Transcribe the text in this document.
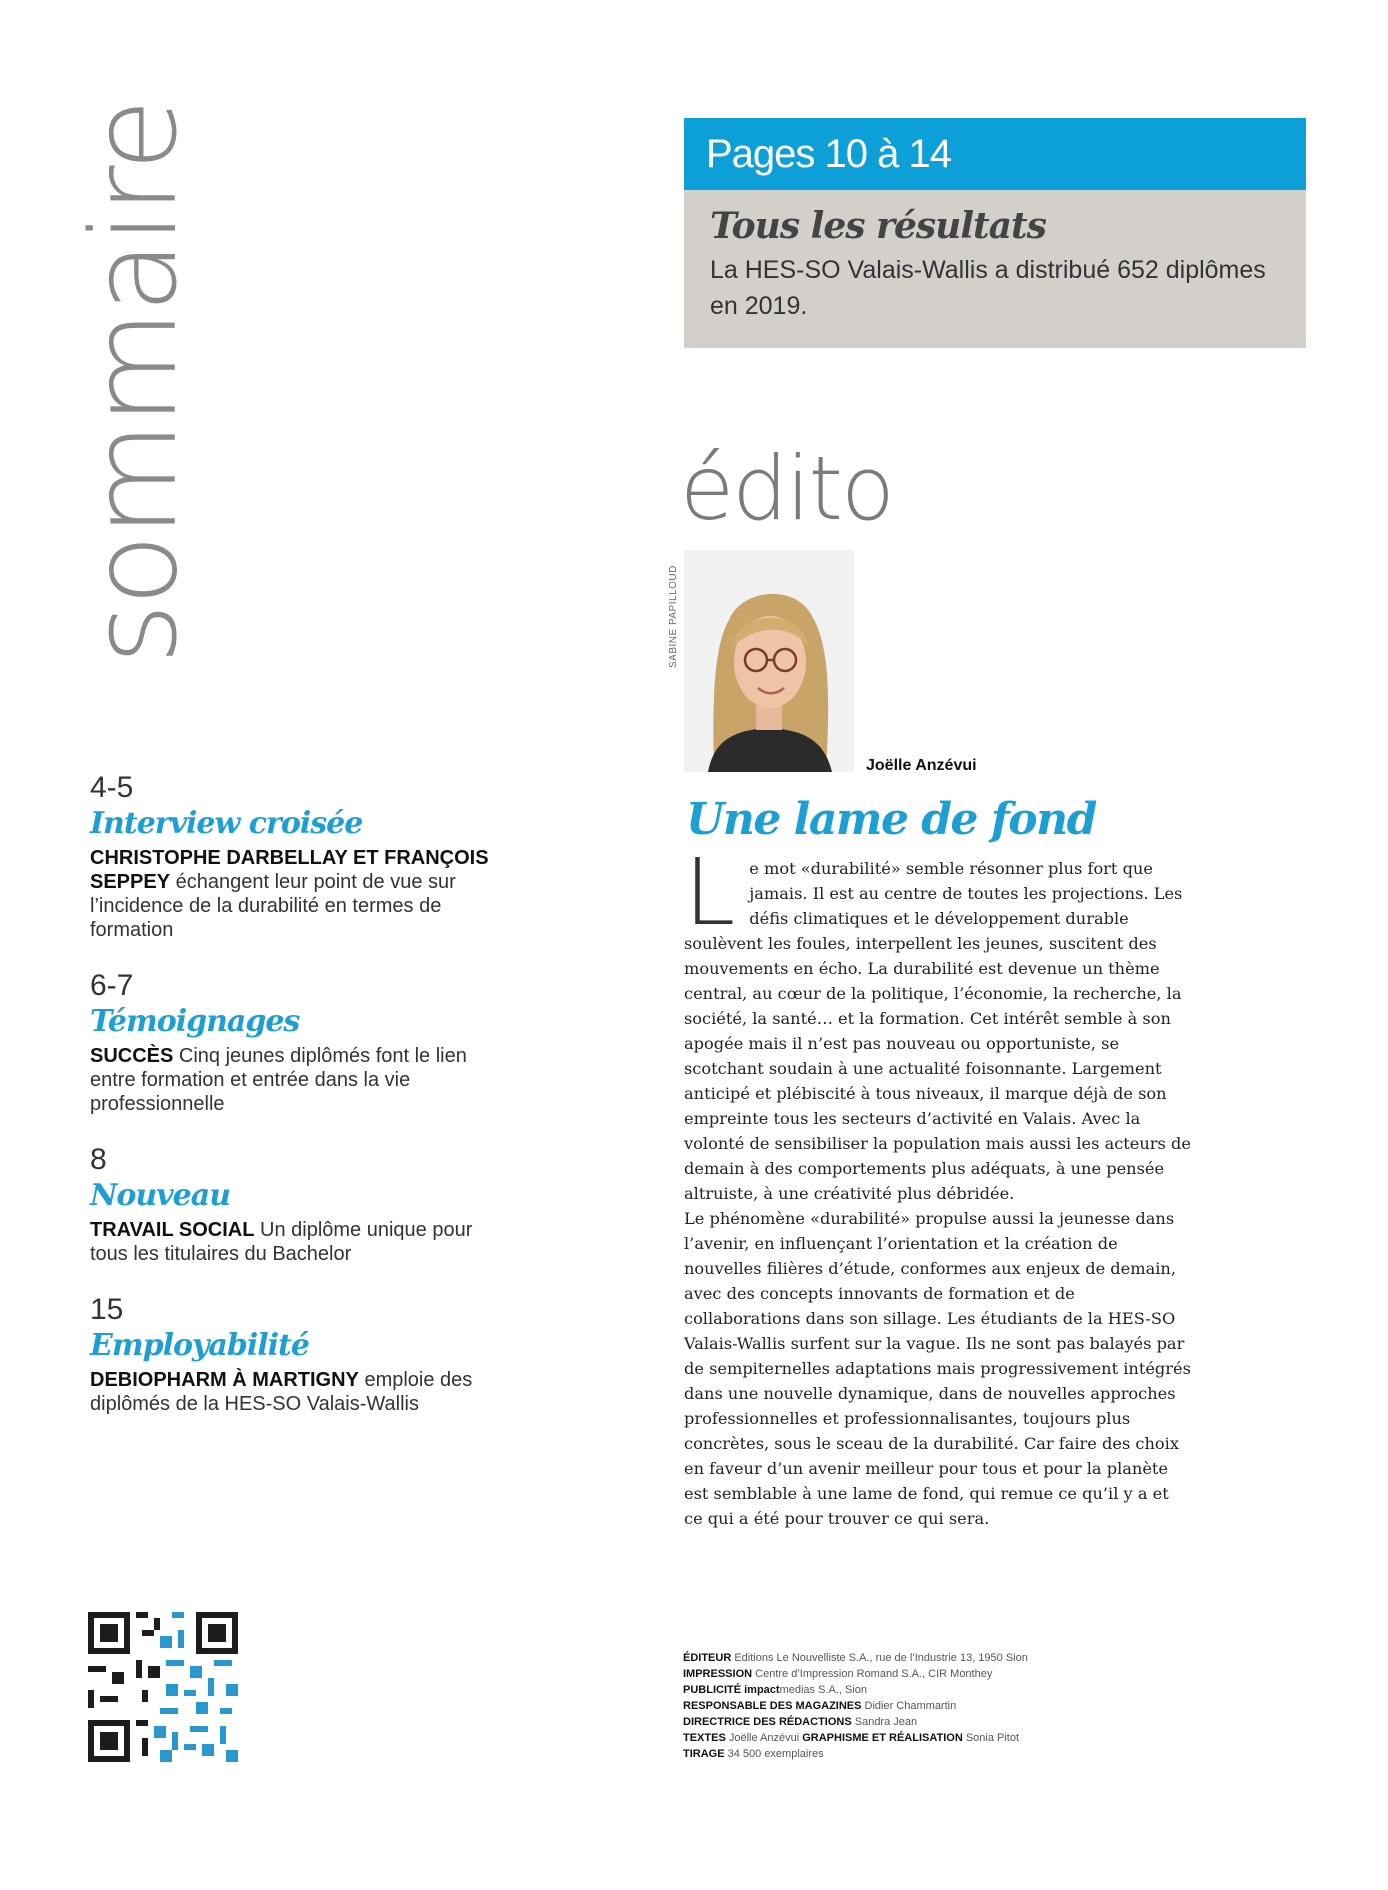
sommaire
4-5
Interview croisée
CHRISTOPHE DARBELLAY ET FRANÇOIS SEPPEY échangent leur point de vue sur l’incidence de la durabilité en termes de formation
6-7
Témoignages
SUCCÈS Cinq jeunes diplômés font le lien entre formation et entrée dans la vie professionnelle
8
Nouveau
TRAVAIL SOCIAL Un diplôme unique pour tous les titulaires du Bachelor
15
Employabilité
DEBIOPHARM À MARTIGNY emploie des diplômés de la HES-SO Valais-Wallis
Pages 10 à 14
Tous les résultats
La HES-SO Valais-Wallis a distribué 652 diplômes en 2019.
édito
SABINE PAPILLOUD
Joëlle Anzévui
Une lame de fond
L e mot «durabilité» semble résonner plus fort que jamais. Il est au centre de toutes les projections. Les défis climatiques et le développement durable soulèvent les foules, interpellent les jeunes, suscitent des mouvements en écho. La durabilité est devenue un thème central, au cœur de la politique, l’économie, la recherche, la société, la santé… et la formation. Cet intérêt semble à son apogée mais il n’est pas nouveau ou opportuniste, se scotchant soudain à une actualité foisonnante. Largement anticipé et plébiscité à tous niveaux, il marque déjà de son empreinte tous les secteurs d’activité en Valais. Avec la volonté de sensibiliser la population mais aussi les acteurs de demain à des comportements plus adéquats, à une pensée altruiste, à une créativité plus débridée.

Le phénomène «durabilité» propulse aussi la jeunesse dans l’avenir, en influençant l’orientation et la création de nouvelles filières d’étude, conformes aux enjeux de demain, avec des concepts innovants de formation et de collaborations dans son sillage. Les étudiants de la HES-SO Valais-Wallis surfent sur la vague. Ils ne sont pas balayés par de sempiternelles adaptations mais progressivement intégrés dans une nouvelle dynamique, dans de nouvelles approches professionnelles et professionnalisantes, toujours plus concrètes, sous le sceau de la durabilité. Car faire des choix en faveur d’un avenir meilleur pour tous et pour la planète est semblable à une lame de fond, qui remue ce qu’il y a et ce qui a été pour trouver ce qui sera.

ÉDITEUR Editions Le Nouvelliste S.A., rue de l’Industrie 13, 1950 Sion
IMPRESSION Centre d’Impression Romand S.A., CIR Monthey
PUBLICITÉ impactmedias S.A., Sion
RESPONSABLE DES MAGAZINES Didier Chammartin
DIRECTRICE DES RÉDACTIONS Sandra Jean
TEXTES Joëlle Anzévui GRAPHISME ET RÉALISATION Sonia Pitot
TIRAGE 34 500 exemplaires
